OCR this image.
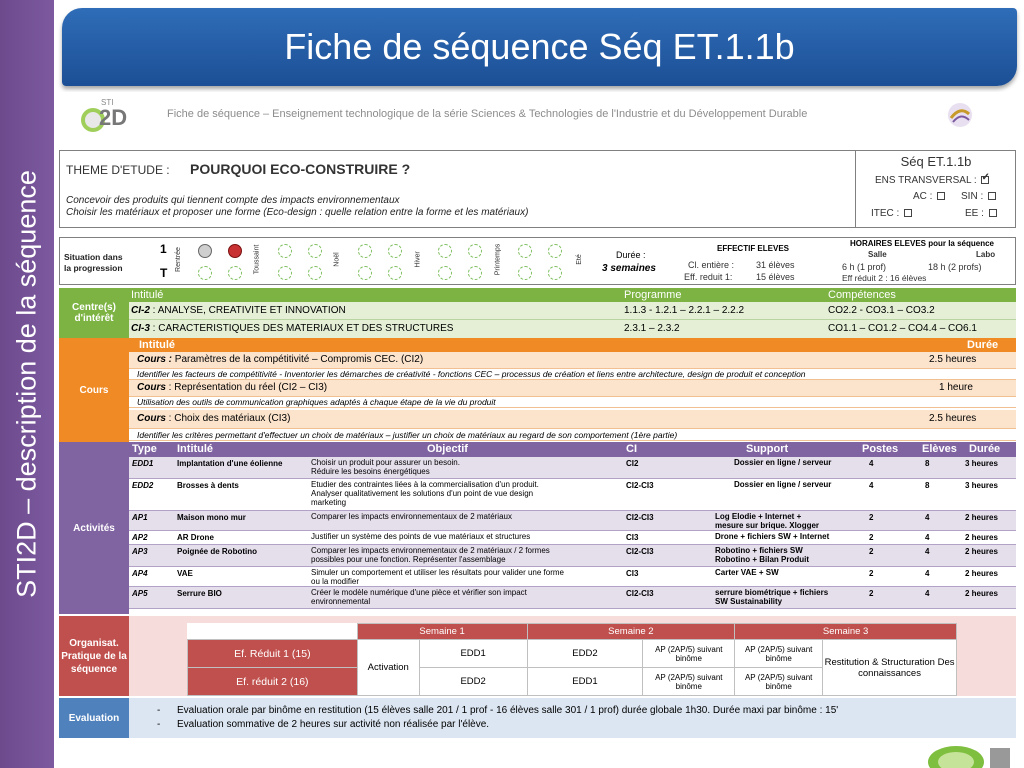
STI2D – description de la séquence
Fiche de séquence Séq ET.1.1b
STI
2D	Fiche de séquence – Enseignement technologique de la série Sciences & Technologies de l'Industrie et du Développement Durable
THEME D'ETUDE : POURQUOI ECO-CONSTRUIRE ?
Concevoir des produits qui tiennent compte des impacts environnementaux
Choisir les matériaux et proposer une forme (Eco-design : quelle relation entre la forme et les matériaux)
Séq ET.1.1b
ENS TRANSVERSAL : ✓
AC :	SIN :
ITEC :	EE :
Situation dans
la progression
1
T
Rentrée	Toussaint	Noël	Hiver	Printemps	Eté	Durée :
3 semaines
EFFECTIF ELEVES
Cl. entière : 31 élèves
Eff. reduit 1:	15 élèves
HORAIRES ELEVES pour la séquence
Salle	Labo
6 h (1 prof)	18 h (2 profs)
Eff réduit 2 : 16 élèves
Centre(s) d'intérêt
Intitulé	Programme	Compétences
CI-2 : ANALYSE, CREATIVITE ET INNOVATION	1.1.3 - 1.2.1 – 2.2.1 – 2.2.2	CO2.2 - CO3.1 – CO3.2
CI-3 : CARACTERISTIQUES DES MATERIAUX ET DES STRUCTURES	2.3.1 – 2.3.2	CO1.1 – CO1.2 – CO4.4 – CO6.1
Cours
Intitulé	Durée
Cours : Paramètres de la compétitivité – Compromis CEC. (CI2)	2.5 heures
Identifier les facteurs de compétitivité - Inventorier les démarches de créativité - fonctions CEC – processus de création et liens entre architecture, design de produit et conception
Cours : Représentation du réel (CI2 – CI3)	1 heure
Utilisation des outils de communication graphiques adaptés à chaque étape de la vie du produit
Cours : Choix des matériaux (CI3)	2.5 heures
Identifier les critères permettant d'effectuer un choix de matériaux – justifier un choix de matériaux au regard de son comportement (1ère partie)
Activités
Type Intitulé	Objectif	CI	Support	Postes Elèves Durée
EDD1	Implantation d'une éolienne	Choisir un produit pour assurer un besoin.
Réduire les besoins énergétiques
CI2	Dossier en ligne / serveur	4	8	3 heures
EDD2	Brosses à dents	Etudier des contraintes liées à la commercialisation d'un produit.
Analyser qualitativement les solutions d'un point de vue design
marketing
CI2-CI3	Dossier en ligne / serveur	4	8	3 heures
AP1	Maison mono mur	Comparer les impacts environnementaux de 2 matériaux	CI2-CI3	Log Elodie + Internet +
mesure sur brique. Xlogger
2	4	2 heures
AP2	AR Drone	Justifier un système des points de vue matériaux et structures	CI3	Drone + fichiers SW + Internet	2	4	2 heures
AP3	Poignée de Robotino	Comparer les impacts environnementaux de 2 matériaux / 2 formes
possibles pour une fonction. Représenter l'assemblage
CI2-CI3	Robotino + fichiers SW
Robotino + Bilan Produit
2	4	2 heures
AP4	VAE	Simuler un comportement et utiliser les résultats pour valider une forme
ou la modifier
CI3	Carter VAE + SW	2	4	2 heures
AP5	Serrure BIO	Créer le modèle numérique d'une pièce et vérifier son impact
environnemental
CI2-CI3	serrure biométrique + fichiers
SW Sustainability
2	4	2 heures
Organisat. Pratique de la séquence
	Semaine 1		Semaine 2		Semaine 3	
Ef. Réduit 1 (15)	Activation	EDD1	EDD2	AP (2AP/5) suivant binôme	AP (2AP/5) suivant binôme	Restitution & Structuration Des connaissances
Ef. réduit 2 (16)		EDD2	EDD1	AP (2AP/5) suivant binôme	AP (2AP/5) suivant binôme	
Evaluation
-      Evaluation orale par binôme en restitution (15 élèves salle 201 / 1 prof - 16 élèves salle 301 / 1 prof) durée globale 1h30. Durée maxi par binôme : 15'
-      Evaluation sommative de 2 heures sur activité non réalisée par l'élève.
